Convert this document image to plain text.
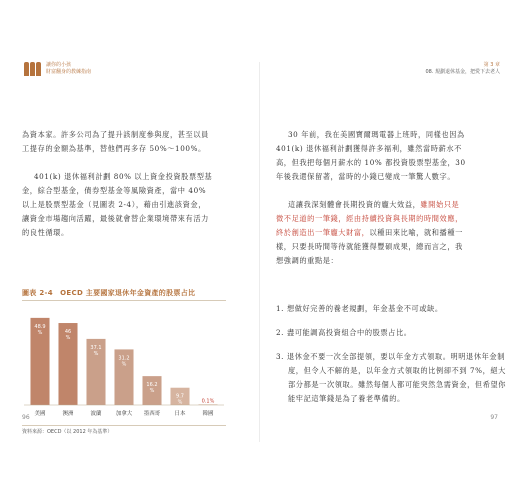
讓你的小孩
財富翻身的教練指南
為資本家。許多公司為了提升該制度參與度，甚至以員
工提存的金額為基準，替他們再多存 50%～100%。
401(k) 退休福利計劃 80% 以上資金投資股票型基
金，綜合型基金，債券型基金等風險資產，當中 40%
以上是股票型基金（見圖表 2-4），藉由引進該資金，
讓資金市場趨向活躍，最後就會替企業環境帶來有活力
的良性循環。
圖表 2-4　OECD 主要國家退休年金資產的股票占比
48.9 %
美國
46 %
澳洲
37.1 %
波蘭
31.2 %
加拿大
16.2 %
墨西哥
9.7 %
日本
0.1%
韓國
資料來源：OECD（以 2012 年為基準）
96
第 3 章
08. 規劃退休基金，把愛下去老人
30 年前，我在美國寶爾瑪電器上班時，同樣也因為
401(k) 退休福利計劃獲得許多福利，雖然當時薪水不
高，但我把每個月薪水的 10% 都投資股票型基金，30
年後我還保留著，當時的小錢已變成一筆驚人數字。
這讓我深刻體會長期投資的龐大效益，雖開始只是
微不足道的一筆錢，經由持續投資與長期的時間效應，
終於創造出一筆龐大財富，以種田來比喻，就和播種一
樣，只要長時間等待就能獲得豐碩成果，總而言之，我
想強調的重點是：
1. 想做好完善的養老規劃，年金基金不可或缺。
2. 盡可能調高投資組合中的股票占比。
3. 退休金不要一次全部提領，要以年金方式領取。明明退休年金制度，但令人不解的是，以年金方式領取的比例卻不到 7%，絕大部分都是一次領取。雖然每個人都可能突然急需資金，但希望你能牢記這筆錢是為了養老準備的。
97
